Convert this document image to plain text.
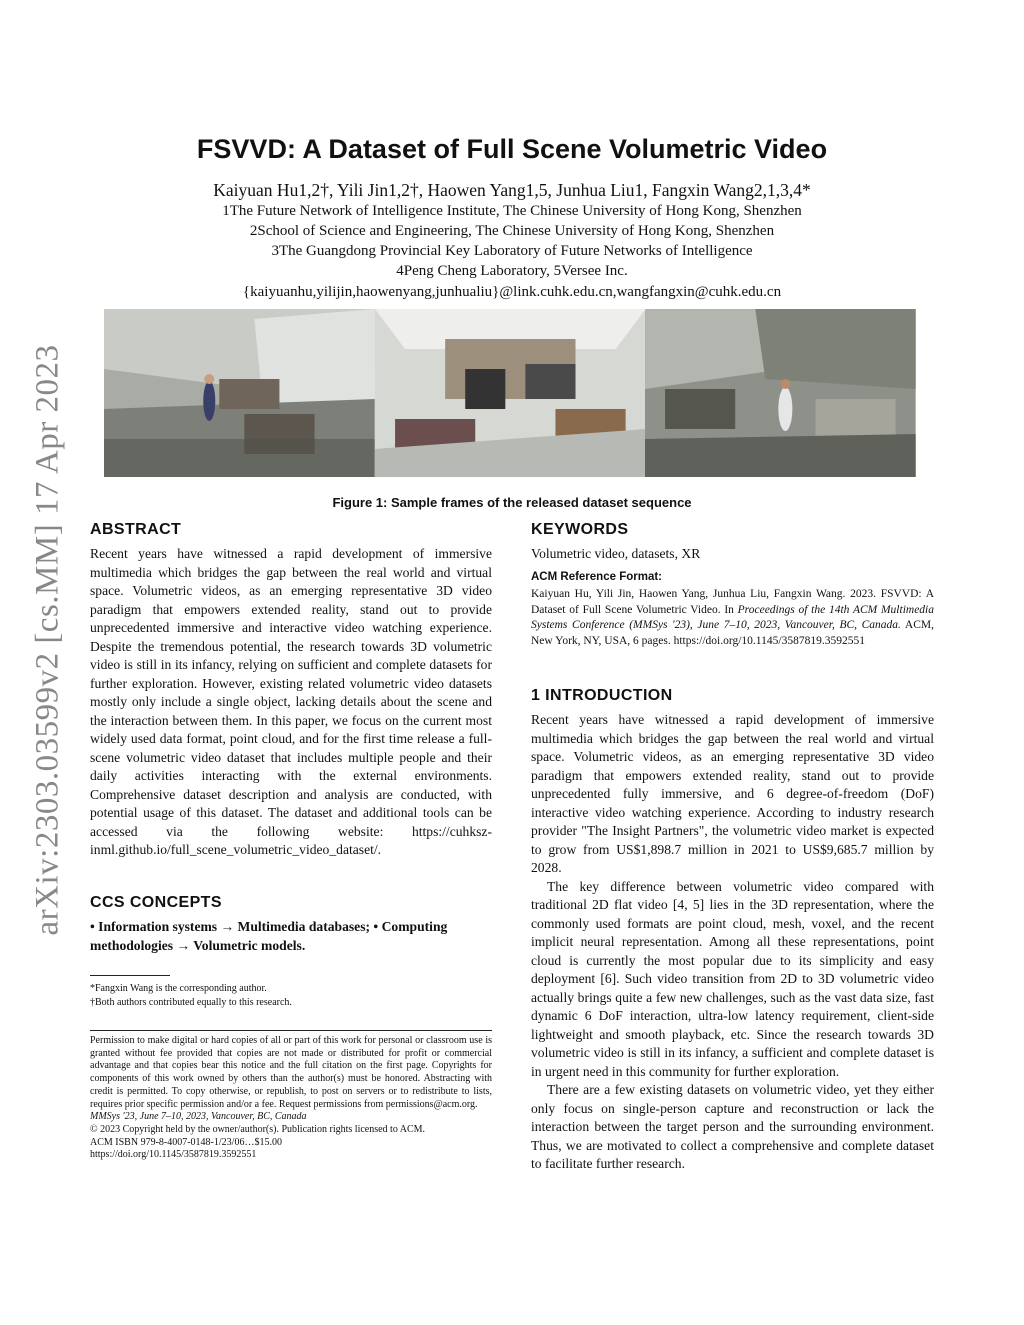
arXiv:2303.03599v2 [cs.MM] 17 Apr 2023
FSVVD: A Dataset of Full Scene Volumetric Video
Kaiyuan Hu1,2†, Yili Jin1,2†, Haowen Yang1,5, Junhua Liu1, Fangxin Wang2,1,3,4*
1The Future Network of Intelligence Institute, The Chinese University of Hong Kong, Shenzhen
2School of Science and Engineering, The Chinese University of Hong Kong, Shenzhen
3The Guangdong Provincial Key Laboratory of Future Networks of Intelligence
4Peng Cheng Laboratory, 5Versee Inc.
{kaiyuanhu,yilijin,haowenyang,junhualiu}@link.cuhk.edu.cn,wangfangxin@cuhk.edu.cn
Figure 1: Sample frames of the released dataset sequence
ABSTRACT

Recent years have witnessed a rapid development of immersive multimedia which bridges the gap between the real world and virtual space. Volumetric videos, as an emerging representative 3D video paradigm that empowers extended reality, stand out to provide unprecedented immersive and interactive video watching experience. Despite the tremendous potential, the research towards 3D volumetric video is still in its infancy, relying on sufficient and complete datasets for further exploration. However, existing related volumetric video datasets mostly only include a single object, lacking details about the scene and the interaction between them. In this paper, we focus on the current most widely used data format, point cloud, and for the first time release a full-scene volumetric video dataset that includes multiple people and their daily activities interacting with the external environments. Comprehensive dataset description and analysis are conducted, with potential usage of this dataset. The dataset and additional tools can be accessed via the following website: https://cuhksz-inml.github.io/full_scene_volumetric_video_dataset/.

CCS CONCEPTS
• Information systems → Multimedia databases; • Computing methodologies → Volumetric models.
*Fangxin Wang is the corresponding author.
†Both authors contributed equally to this research.

Permission to make digital or hard copies of all or part of this work for personal or classroom use is granted without fee provided that copies are not made or distributed for profit or commercial advantage and that copies bear this notice and the full citation on the first page. Copyrights for components of this work owned by others than the author(s) must be honored. Abstracting with credit is permitted. To copy otherwise, or republish, to post on servers or to redistribute to lists, requires prior specific permission and/or a fee. Request permissions from permissions@acm.org.

MMSys '23, June 7–10, 2023, Vancouver, BC, Canada

© 2023 Copyright held by the owner/author(s). Publication rights licensed to ACM.

ACM ISBN 979-8-4007-0148-1/23/06…$15.00

https://doi.org/10.1145/3587819.3592551

KEYWORDS

Volumetric video, datasets, XR

ACM Reference Format:

Kaiyuan Hu, Yili Jin, Haowen Yang, Junhua Liu, Fangxin Wang. 2023. FSVVD: A Dataset of Full Scene Volumetric Video. In Proceedings of the 14th ACM Multimedia Systems Conference (MMSys '23), June 7–10, 2023, Vancouver, BC, Canada. ACM, New York, NY, USA, 6 pages. https://doi.org/10.1145/3587819.3592551

1 INTRODUCTION

Recent years have witnessed a rapid development of immersive multimedia which bridges the gap between the real world and virtual space. Volumetric videos, as an emerging representative 3D video paradigm that empowers extended reality, stand out to provide unprecedented fully immersive, and 6 degree-of-freedom (DoF) interactive video watching experience. According to industry research provider "The Insight Partners", the volumetric video market is expected to grow from US$1,898.7 million in 2021 to US$9,685.7 million by 2028.

The key difference between volumetric video compared with traditional 2D flat video [4, 5] lies in the 3D representation, where the commonly used formats are point cloud, mesh, voxel, and the recent implicit neural representation. Among all these representations, point cloud is currently the most popular due to its simplicity and easy deployment [6]. Such video transition from 2D to 3D volumetric video actually brings quite a few new challenges, such as the vast data size, fast dynamic 6 DoF interaction, ultra-low latency requirement, client-side lightweight and smooth playback, etc. Since the research towards 3D volumetric video is still in its infancy, a sufficient and complete dataset is in urgent need in this community for further exploration.

There are a few existing datasets on volumetric video, yet they either only focus on single-person capture and reconstruction or lack the interaction between the target person and the surrounding environment. Thus, we are motivated to collect a comprehensive and complete dataset to facilitate further research.
